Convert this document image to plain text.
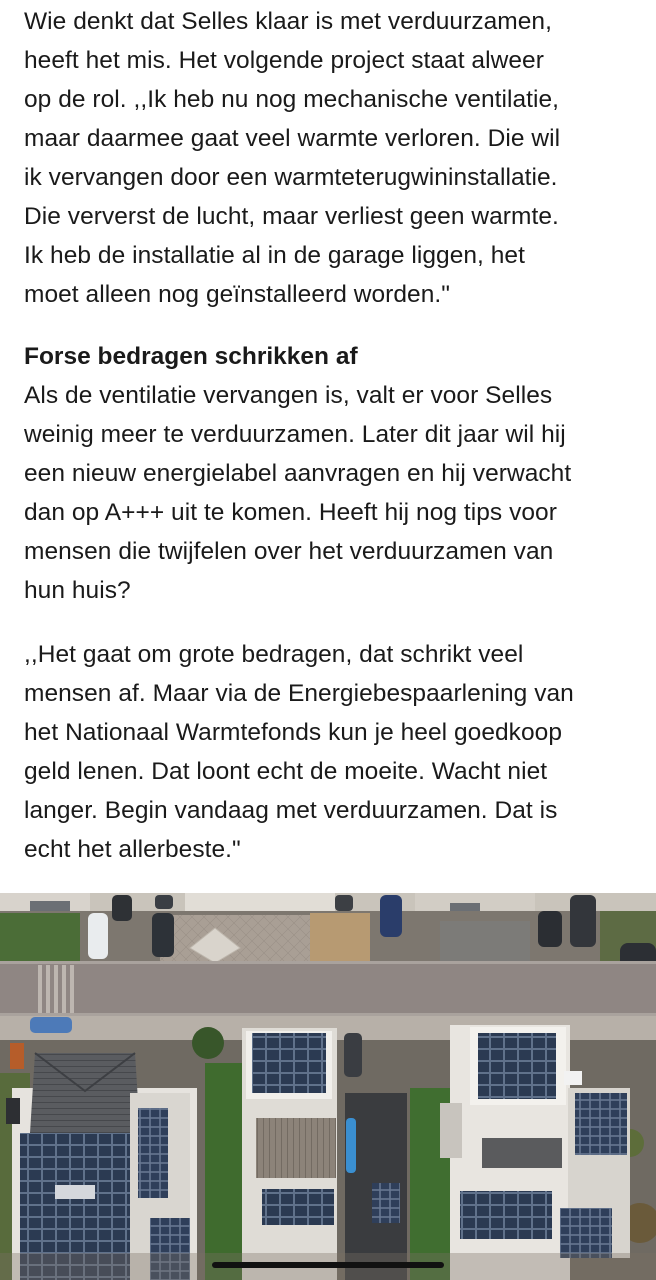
Wie denkt dat Selles klaar is met verduurzamen,
heeft het mis. Het volgende project staat alweer
op de rol. ,,Ik heb nu nog mechanische ventilatie,
maar daarmee gaat veel warmte verloren. Die wil
ik vervangen door een warmteterugwininstallatie.
Die ververst de lucht, maar verliest geen warmte.
Ik heb de installatie al in de garage liggen, het
moet alleen nog geïnstalleerd worden."
Forse bedragen schrikken af
Als de ventilatie vervangen is, valt er voor Selles
weinig meer te verduurzamen. Later dit jaar wil hij
een nieuw energielabel aanvragen en hij verwacht
dan op A+++ uit te komen. Heeft hij nog tips voor
mensen die twijfelen over het verduurzamen van
hun huis?
,,Het gaat om grote bedragen, dat schrikt veel
mensen af. Maar via de Energiebespaarlening van
het Nationaal Warmtefonds kun je heel goedkoop
geld lenen. Dat loont echt de moeite. Wacht niet
langer. Begin vandaag met verduurzamen. Dat is
echt het allerbeste."
